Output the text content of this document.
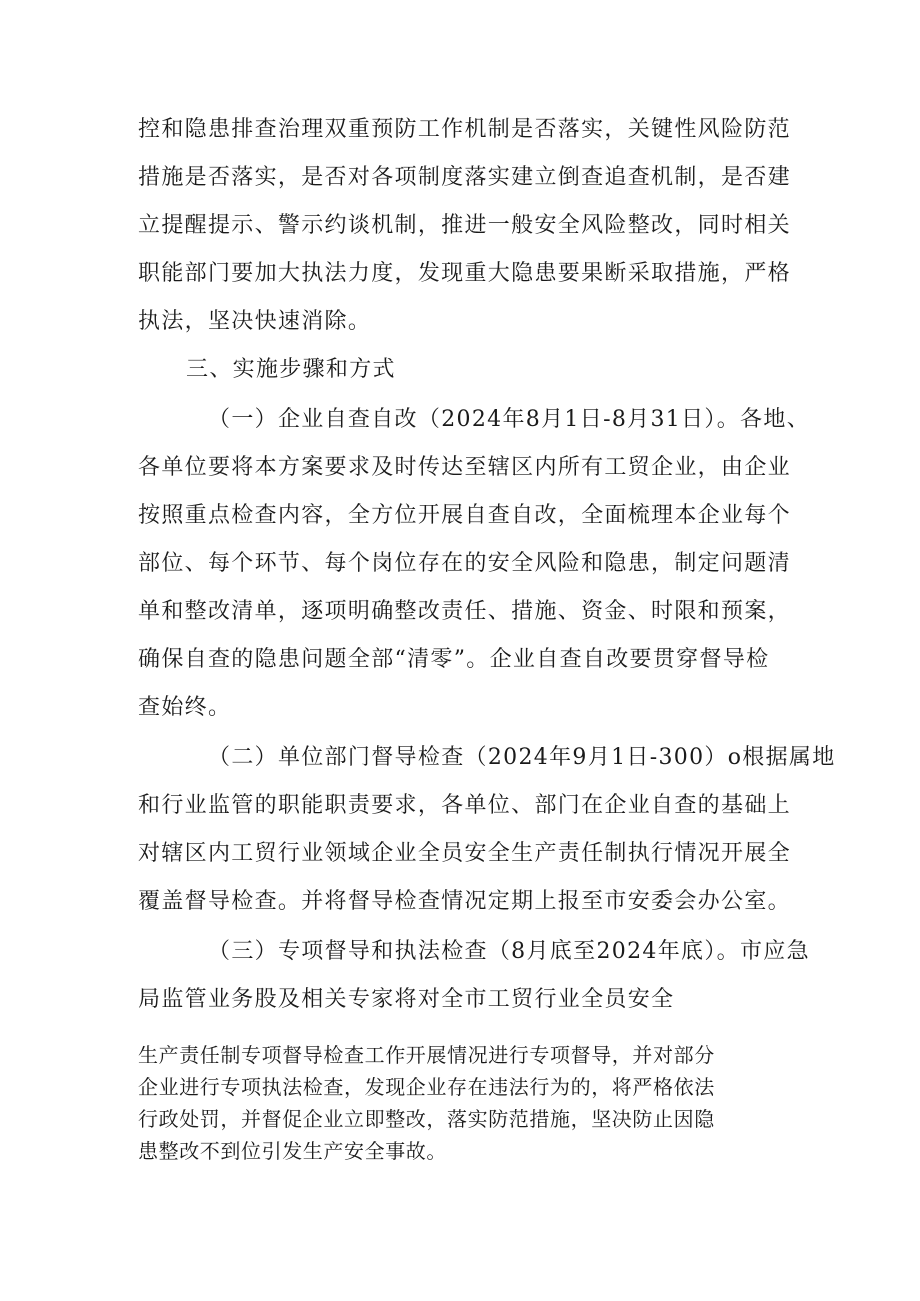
控和隐患排查治理双重预防工作机制是否落实，关键性风险防范
措施是否落实，是否对各项制度落实建立倒查追查机制，是否建
立提醒提示、警示约谈机制，推进一般安全风险整改，同时相关
职能部门要加大执法力度，发现重大隐患要果断采取措施，严格
执法，坚决快速消除。
三、实施步骤和方式
（一）企业自查自改（2024年8月1日-8月31日）。各地、
各单位要将本方案要求及时传达至辖区内所有工贸企业，由企业
按照重点检查内容，全方位开展自查自改，全面梳理本企业每个
部位、每个环节、每个岗位存在的安全风险和隐患，制定问题清
单和整改清单，逐项明确整改责任、措施、资金、时限和预案，
确保自查的隐患问题全部“清零”。企业自查自改要贯穿督导检
查始终。
（二）单位部门督导检查（2024年9月1日-300）o根据属地
和行业监管的职能职责要求，各单位、部门在企业自查的基础上
对辖区内工贸行业领域企业全员安全生产责任制执行情况开展全
覆盖督导检查。并将督导检查情况定期上报至市安委会办公室。
（三）专项督导和执法检查（8月底至2024年底）。市应急
局监管业务股及相关专家将对全市工贸行业全员安全
生产责任制专项督导检查工作开展情况进行专项督导，并对部分
企业进行专项执法检查，发现企业存在违法行为的，将严格依法
行政处罚，并督促企业立即整改，落实防范措施，坚决防止因隐
患整改不到位引发生产安全事故。
